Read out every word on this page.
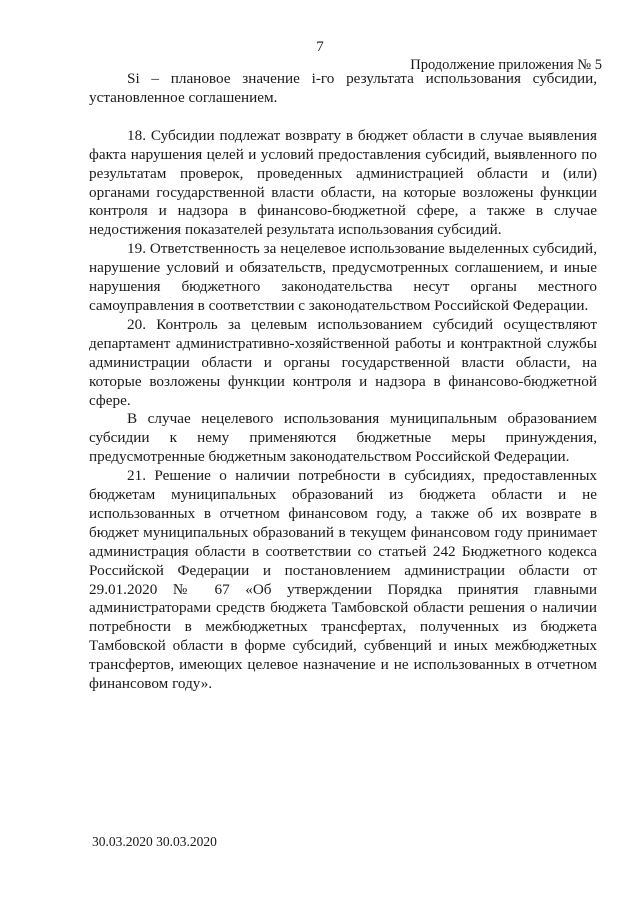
7
Продолжение приложения № 5

Si – плановое значение i-го результата использования субсидии, установленное соглашением.

18. Субсидии подлежат возврату в бюджет области в случае выявления факта нарушения целей и условий предоставления субсидий, выявленного по результатам проверок, проведенных администрацией области и (или) органами государственной власти области, на которые возложены функции контроля и надзора в финансово-бюджетной сфере, а также в случае недостижения показателей результата использования субсидий.

19. Ответственность за нецелевое использование выделенных субсидий, нарушение условий и обязательств, предусмотренных соглашением, и иные нарушения бюджетного законодательства несут органы местного самоуправления в соответствии с законодательством Российской Федерации.

20. Контроль за целевым использованием субсидий осуществляют департамент административно-хозяйственной работы и контрактной службы администрации области и органы государственной власти области, на которые возложены функции контроля и надзора в финансово-бюджетной сфере.

В случае нецелевого использования муниципальным образованием субсидии к нему применяются бюджетные меры принуждения, предусмотренные бюджетным законодательством Российской Федерации.

21. Решение о наличии потребности в субсидиях, предоставленных бюджетам муниципальных образований из бюджета области и не использованных в отчетном финансовом году, а также об их возврате в бюджет муниципальных образований в текущем финансовом году принимает администрация области в соответствии со статьей 242 Бюджетного кодекса Российской Федерации и постановлением администрации области от 29.01.2020 № 67 «Об утверждении Порядка принятия главными администраторами средств бюджета Тамбовской области решения о наличии потребности в межбюджетных трансфертах, полученных из бюджета Тамбовской области в форме субсидий, субвенций и иных межбюджетных трансфертов, имеющих целевое назначение и не использованных в отчетном финансовом году».

30.03.2020 30.03.2020
